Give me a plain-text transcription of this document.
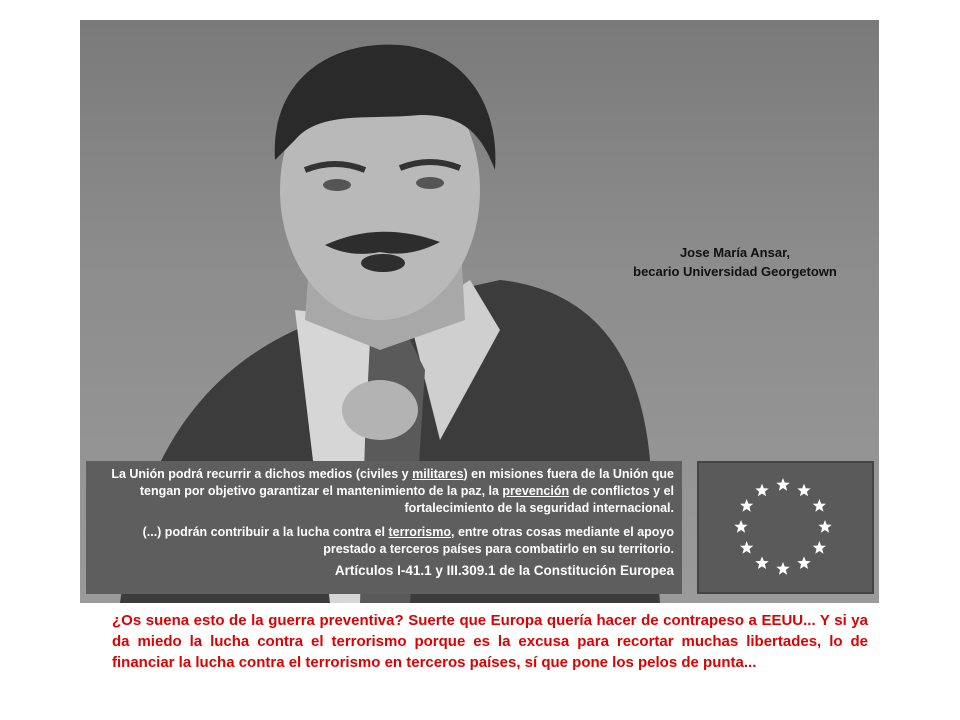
Jose María Ansar,
becario Universidad Georgetown

La Unión podrá recurrir a dichos medios (civiles y militares) en misiones fuera de la Unión que tengan por objetivo garantizar el mantenimiento de la paz, la prevención de conflictos y el fortalecimiento de la seguridad internacional.

(...) podrán contribuir a la lucha contra el terrorismo, entre otras cosas mediante el apoyo prestado a terceros países para combatirlo en su territorio.

Artículos I-41.1 y III.309.1 de la Constitución Europea
¿Os suena esto de la guerra preventiva? Suerte que Europa quería hacer de contrapeso a EEUU... Y si ya da miedo la lucha contra el terrorismo porque es la excusa para recortar muchas libertades, lo de financiar la lucha contra el terrorismo en terceros países, sí que pone los pelos de punta...
